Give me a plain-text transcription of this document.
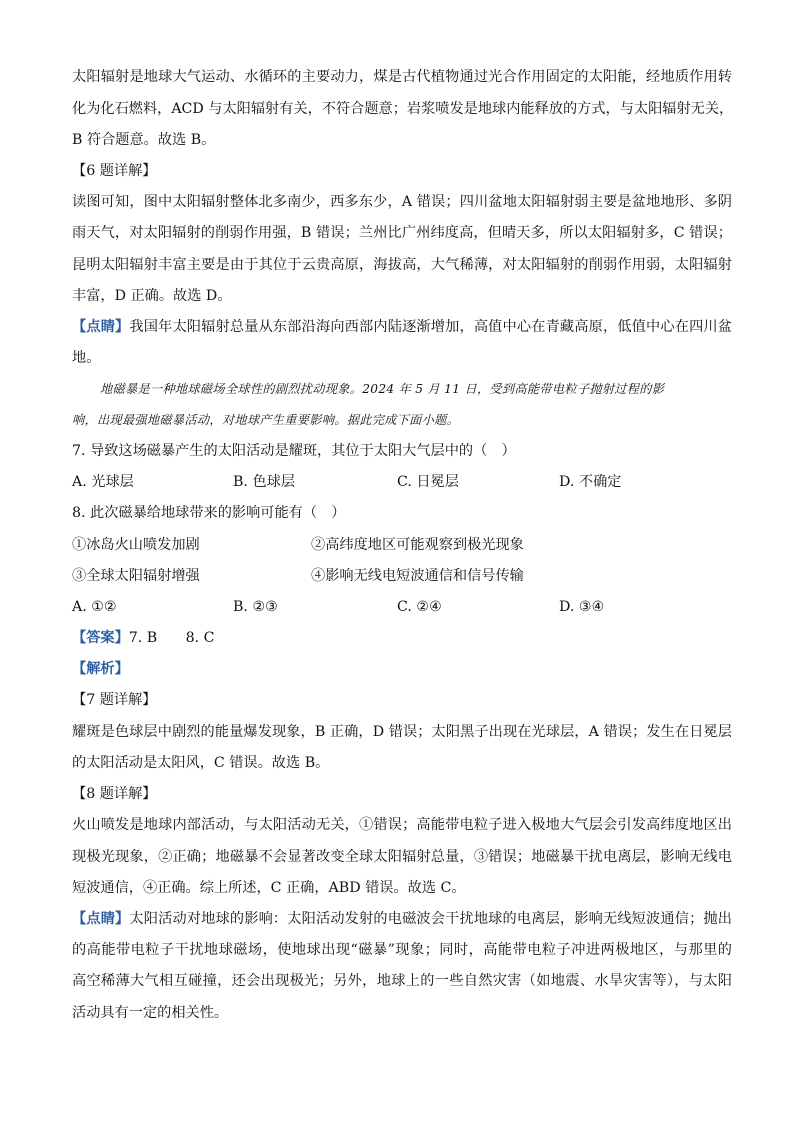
太阳辐射是地球大气运动、水循环的主要动力，煤是古代植物通过光合作用固定的太阳能，经地质作用转
化为化石燃料，ACD 与太阳辐射有关，不符合题意；岩浆喷发是地球内能释放的方式，与太阳辐射无关，
B 符合题意。故选 B。
【6 题详解】
读图可知，图中太阳辐射整体北多南少，西多东少，A 错误；四川盆地太阳辐射弱主要是盆地地形、多阴
雨天气，对太阳辐射的削弱作用强，B 错误；兰州比广州纬度高，但晴天多，所以太阳辐射多，C 错误；
昆明太阳辐射丰富主要是由于其位于云贵高原，海拔高，大气稀薄，对太阳辐射的削弱作用弱，太阳辐射
丰富，D 正确。故选 D。
【点睛】我国年太阳辐射总量从东部沿海向西部内陆逐渐增加，高值中心在青藏高原，低值中心在四川盆
地。
地磁暴是一种地球磁场全球性的剧烈扰动现象。2024 年 5 月 11 日，受到高能带电粒子抛射过程的影
响，出现最强地磁暴活动，对地球产生重要影响。据此完成下面小题。
7. 导致这场磁暴产生的太阳活动是耀斑，其位于太阳大气层中的（　）
A. 光球层	B. 色球层	C. 日冕层	D. 不确定
8. 此次磁暴给地球带来的影响可能有（　）
①冰岛火山喷发加剧	②高纬度地区可能观察到极光现象
③全球太阳辐射增强	④影响无线电短波通信和信号传输
A. ①②	B. ②③	C. ②④	D. ③④
【答案】7. B　　8. C
【解析】
【7 题详解】
耀斑是色球层中剧烈的能量爆发现象，B 正确，D 错误；太阳黑子出现在光球层，A 错误；发生在日冕层
的太阳活动是太阳风，C 错误。故选 B。
【8 题详解】
火山喷发是地球内部活动，与太阳活动无关，①错误；高能带电粒子进入极地大气层会引发高纬度地区出
现极光现象，②正确；地磁暴不会显著改变全球太阳辐射总量，③错误；地磁暴干扰电离层，影响无线电
短波通信，④正确。综上所述，C 正确，ABD 错误。故选 C。
【点睛】太阳活动对地球的影响：太阳活动发射的电磁波会干扰地球的电离层，影响无线短波通信；抛出
的高能带电粒子干扰地球磁场，使地球出现“磁暴”现象；同时，高能带电粒子冲进两极地区，与那里的
高空稀薄大气相互碰撞，还会出现极光；另外，地球上的一些自然灾害（如地震、水旱灾害等），与太阳
活动具有一定的相关性。
